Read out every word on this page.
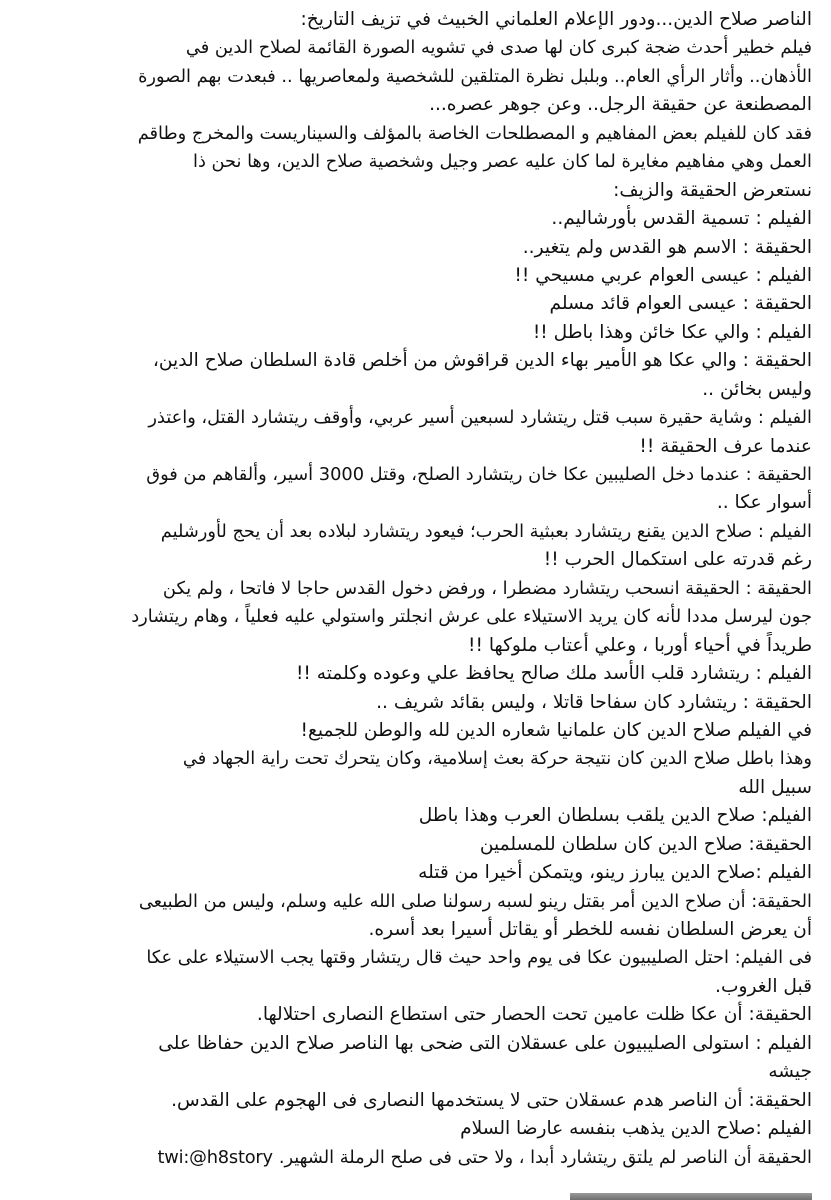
الناصر صلاح الدين...ودور الإعلام العلماني الخبيث في تزيف التاريخ:
فيلم خطير أحدث ضجة كبرى كان لها صدى في تشويه الصورة القائمة لصلاح الدين في
الأذهان.. وأثار الرأي العام.. وبلبل نظرة المتلقين للشخصية ولمعاصريها .. فبعدت بهم الصورة
المصطنعة عن حقيقة الرجل.. وعن جوهر عصره...
فقد كان للفيلم بعض المفاهيم و المصطلحات الخاصة بالمؤلف والسيناريست والمخرج وطاقم
العمل وهي مفاهيم مغايرة لما كان عليه عصر وجيل وشخصية صلاح الدين، وها نحن ذا
نستعرض الحقيقة والزيف:
الفيلم : تسمية القدس بأورشاليم..
الحقيقة : الاسم هو القدس ولم يتغير..
الفيلم : عيسى العوام عربي مسيحي !!
الحقيقة : عيسى العوام قائد مسلم
الفيلم : والي عكا خائن وهذا باطل !!
الحقيقة : والي عكا هو الأمير بهاء الدين قراقوش من أخلص قادة السلطان صلاح الدين،
وليس بخائن ..
الفيلم : وشاية حقيرة سبب قتل ريتشارد لسبعين أسير عربي، وأوقف ريتشارد القتل، واعتذر
عندما عرف الحقيقة !!
الحقيقة : عندما دخل الصليبين عكا خان ريتشارد الصلح، وقتل 3000 أسير، وألقاهم من فوق
أسوار عكا ..
الفيلم : صلاح الدين يقنع ريتشارد بعبثية الحرب؛ فيعود ريتشارد لبلاده بعد أن يحج لأورشليم
رغم قدرته على استكمال الحرب !!
الحقيقة : الحقيقة انسحب ريتشارد مضطرا ، ورفض دخول القدس حاجا لا فاتحا ، ولم يكن
جون ليرسل مددا لأنه كان يريد الاستيلاء على عرش انجلتر واستولي عليه فعلياً ، وهام ريتشارد
طريداً في أحياء أوربا ، وعلي أعتاب ملوكها !!
الفيلم : ريتشارد قلب الأسد ملك صالح يحافظ علي وعوده وكلمته !!
الحقيقة : ريتشارد كان سفاحا قاتلا ، وليس بقائد شريف ..
في الفيلم صلاح الدين كان علمانيا شعاره الدين لله والوطن للجميع!
وهذا باطل صلاح الدين كان نتيجة حركة بعث إسلامية، وكان يتحرك تحت راية الجهاد في
سبيل الله
الفيلم: صلاح الدين يلقب بسلطان العرب وهذا باطل
الحقيقة: صلاح الدين كان سلطان للمسلمين
الفيلم :صلاح الدين يبارز رينو، ويتمكن أخيرا من قتله
الحقيقة: أن صلاح الدين أمر بقتل رينو لسبه رسولنا صلى الله عليه وسلم، وليس من الطبيعى
أن يعرض السلطان نفسه للخطر أو يقاتل أسيرا بعد أسره.
فى الفيلم: احتل الصليبيون عكا فى يوم واحد حيث قال ريتشار وقتها يجب الاستيلاء على عكا
قبل الغروب.
الحقيقة: أن عكا ظلت عامين تحت الحصار حتى استطاع النصارى احتلالها.
الفيلم : استولى الصليبيون على عسقلان التى ضحى بها الناصر صلاح الدين حفاظا على
جيشه
الحقيقة: أن الناصر هدم عسقلان حتى لا يستخدمها النصارى فى الهجوم على القدس.
الفيلم :صلاح الدين يذهب بنفسه عارضا السلام
twi:@h8story الحقيقة أن الناصر لم يلتق ريتشارد أبدا ، ولا حتى فى صلح الرملة الشهير.
